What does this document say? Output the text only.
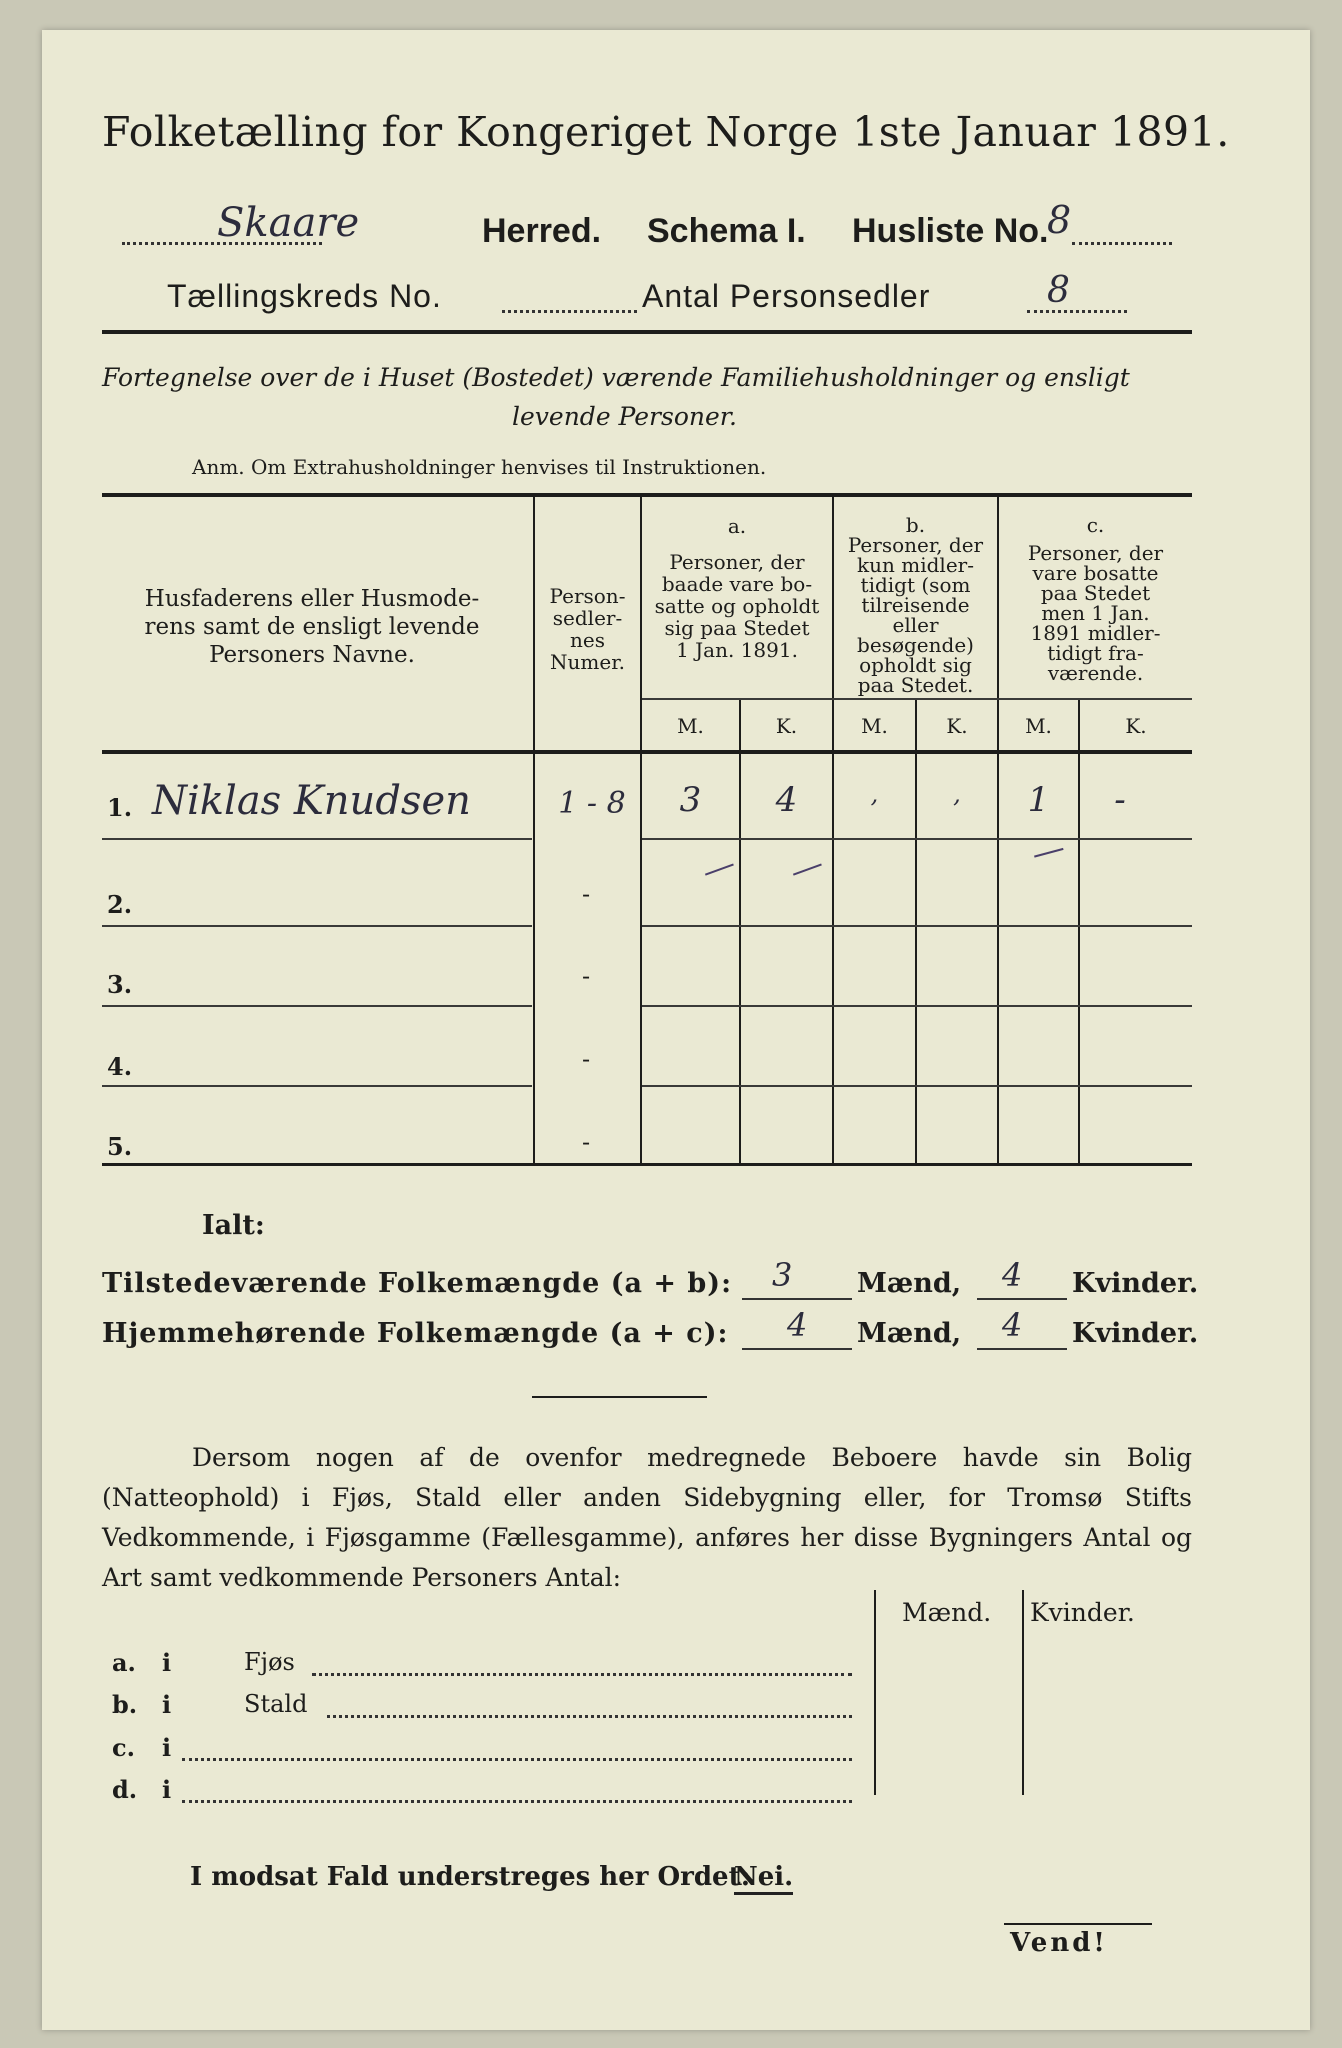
Folketælling for Kongeriget Norge 1ste Januar 1891.
Skaare	Herred. Schema I. Husliste No.
8
Tællingskreds No.	Antal Personsedler	8
Fortegnelse over de i Huset (Bostedet) værende Familiehusholdninger og ensligt
levende Personer.
Anm. Om Extrahusholdninger henvises til Instruktionen.
Husfaderens eller Husmode-
rens samt de ensligt levende
Personers Navne.
Person-
sedler-
nes
Numer.
a.
Personer, der
baade vare bo-
satte og opholdt
sig paa Stedet
1 Jan. 1891.
b.
Personer, der
kun midler-
tidigt (som
tilreisende
eller
besøgende)
opholdt sig
paa Stedet.
c.
Personer, der
vare bosatte
paa Stedet
men 1 Jan.
1891 midler-
tidigt fra-
værende.
M.	K.	M.	K.	M.	K.
1. Niklas Knudsen	1 - 8	3	4	,	,	1	-
2.	-
3.	-
4.	-
5.	-
Ialt:
Tilstedeværende Folkemængde (a + b): 3 Mænd, 4 Kvinder.
Hjemmehørende Folkemængde (a + c): 4 Mænd, 4 Kvinder.
Dersom nogen af de ovenfor medregnede Beboere havde sin Bolig (Natteophold) i Fjøs, Stald eller anden Sidebygning eller, for Tromsø Stifts Vedkommende, i Fjøsgamme (Fællesgamme), anføres her disse Bygningers Antal og Art samt vedkommende Personers Antal:
Mænd. Kvinder.
a. i	Fjøs
b. i	Stald
c. i
d. i
I modsat Fald understreges her Ordet:
Nei.
Vend!
